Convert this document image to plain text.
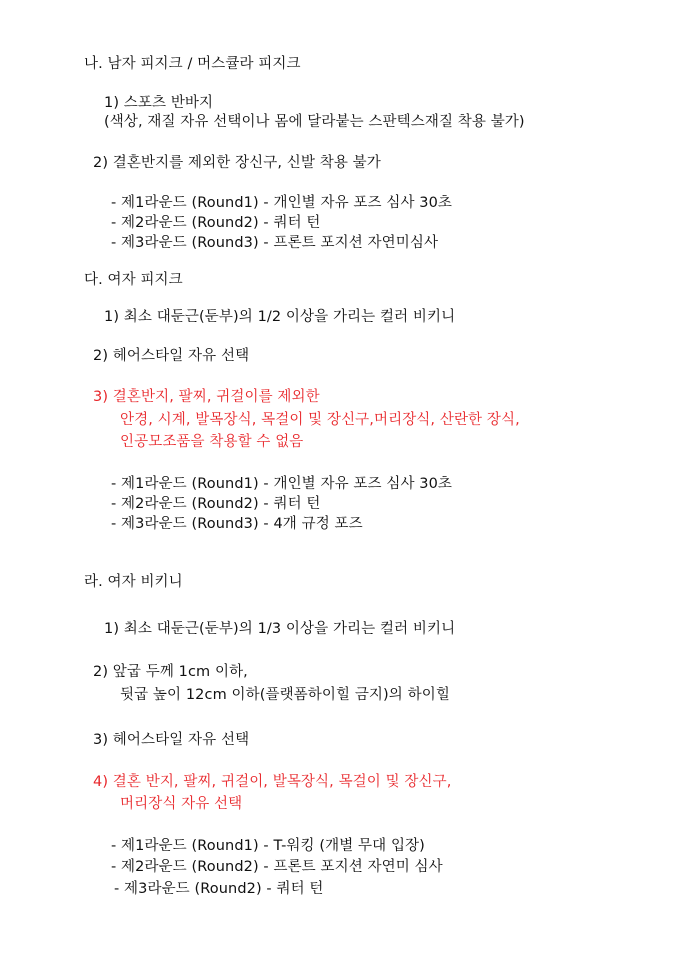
나. 남자 피지크 / 머스큘라 피지크
1) 스포츠 반바지
(색상, 재질 자유 선택이나 몸에 달라붙는 스판텍스재질 착용 불가)
2) 결혼반지를 제외한 장신구, 신발 착용 불가
- 제1라운드 (Round1) - 개인별 자유 포즈 심사 30초
- 제2라운드 (Round2) - 쿼터 턴
- 제3라운드 (Round3) - 프론트 포지션 자연미심사
다. 여자 피지크
1) 최소 대둔근(둔부)의 1/2 이상을 가리는 컬러 비키니
2) 헤어스타일 자유 선택
3) 결혼반지, 팔찌, 귀걸이를 제외한
안경, 시계, 발목장식, 목걸이 및 장신구,머리장식, 산란한 장식,
인공모조품을 착용할 수 없음
- 제1라운드 (Round1) - 개인별 자유 포즈 심사 30초
- 제2라운드 (Round2) - 쿼터 턴
- 제3라운드 (Round3) - 4개 규정 포즈
라. 여자 비키니
1) 최소 대둔근(둔부)의 1/3 이상을 가리는 컬러 비키니
2) 앞굽 두께 1cm 이하,
뒷굽 높이 12cm 이하(플랫폼하이힐 금지)의 하이힐
3) 헤어스타일 자유 선택
4) 결혼 반지, 팔찌, 귀걸이, 발목장식, 목걸이 및 장신구,
머리장식 자유 선택
- 제1라운드 (Round1) - T-워킹 (개별 무대 입장)
- 제2라운드 (Round2) - 프론트 포지션 자연미 심사
- 제3라운드 (Round2) - 쿼터 턴
